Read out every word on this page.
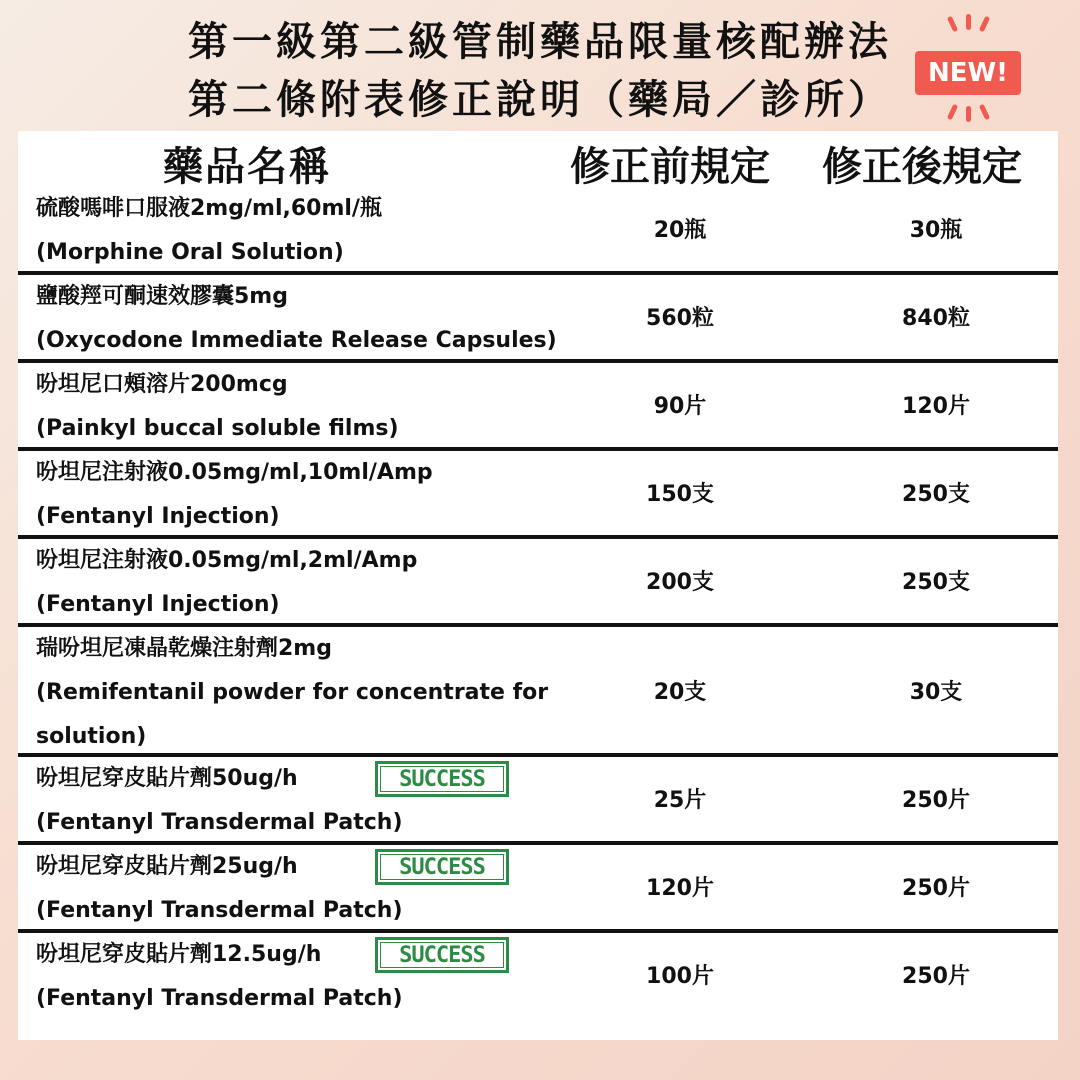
第一級第二級管制藥品限量核配辦法
第二條附表修正說明（藥局／診所）
NEW!
藥品名稱	修正前規定 修正後規定
硫酸嗎啡口服液2mg/ml,60ml/瓶
(Morphine Oral Solution)
20瓶	30瓶
鹽酸羥可酮速效膠囊5mg
(Oxycodone Immediate Release Capsules)
560粒	840粒
吩坦尼口頰溶片200mcg
(Painkyl buccal soluble films)
90片	120片
吩坦尼注射液0.05mg/ml,10ml/Amp
(Fentanyl Injection)
150支	250支
吩坦尼注射液0.05mg/ml,2ml/Amp
(Fentanyl Injection)
200支	250支
瑞吩坦尼凍晶乾燥注射劑2mg
(Remifentanil powder for concentrate for
solution)
20支	30支
吩坦尼穿皮貼片劑50ug/h
(Fentanyl Transdermal Patch)
25片	250片
SUCCESS
吩坦尼穿皮貼片劑25ug/h
(Fentanyl Transdermal Patch)
120片	250片
SUCCESS
吩坦尼穿皮貼片劑12.5ug/h
(Fentanyl Transdermal Patch)
100片	250片
SUCCESS
